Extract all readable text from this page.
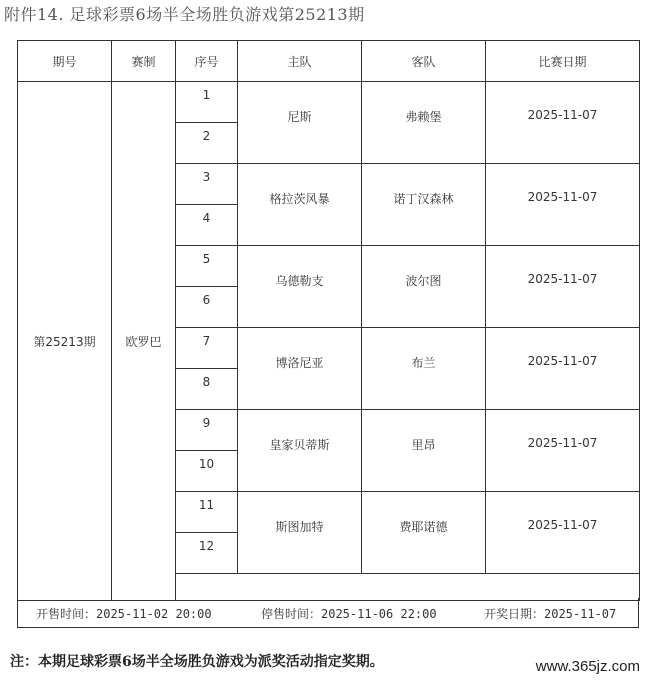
附件14. 足球彩票6场半全场胜负游戏第25213期
期号	赛制	序号	主队	客队	比赛日期
第25213期	欧罗巴	1	尼斯	弗赖堡	2025-11-07
		2			
		3	格拉茨风暴	诺丁汉森林	2025-11-07
		4			
		5	乌德勒支	波尔图	2025-11-07
		6			
		7	博洛尼亚	布兰	2025-11-07
		8			
		9	皇家贝蒂斯	里昂	2025-11-07
		10			
		11	斯图加特	费耶诺德	2025-11-07
		12			

开售时间：2025-11-02 20:00	停售时间：2025-11-06 22:00	开奖日期：2025-11-07
注：本期足球彩票6场半全场胜负游戏为派奖活动指定奖期。	www.365jz.com
